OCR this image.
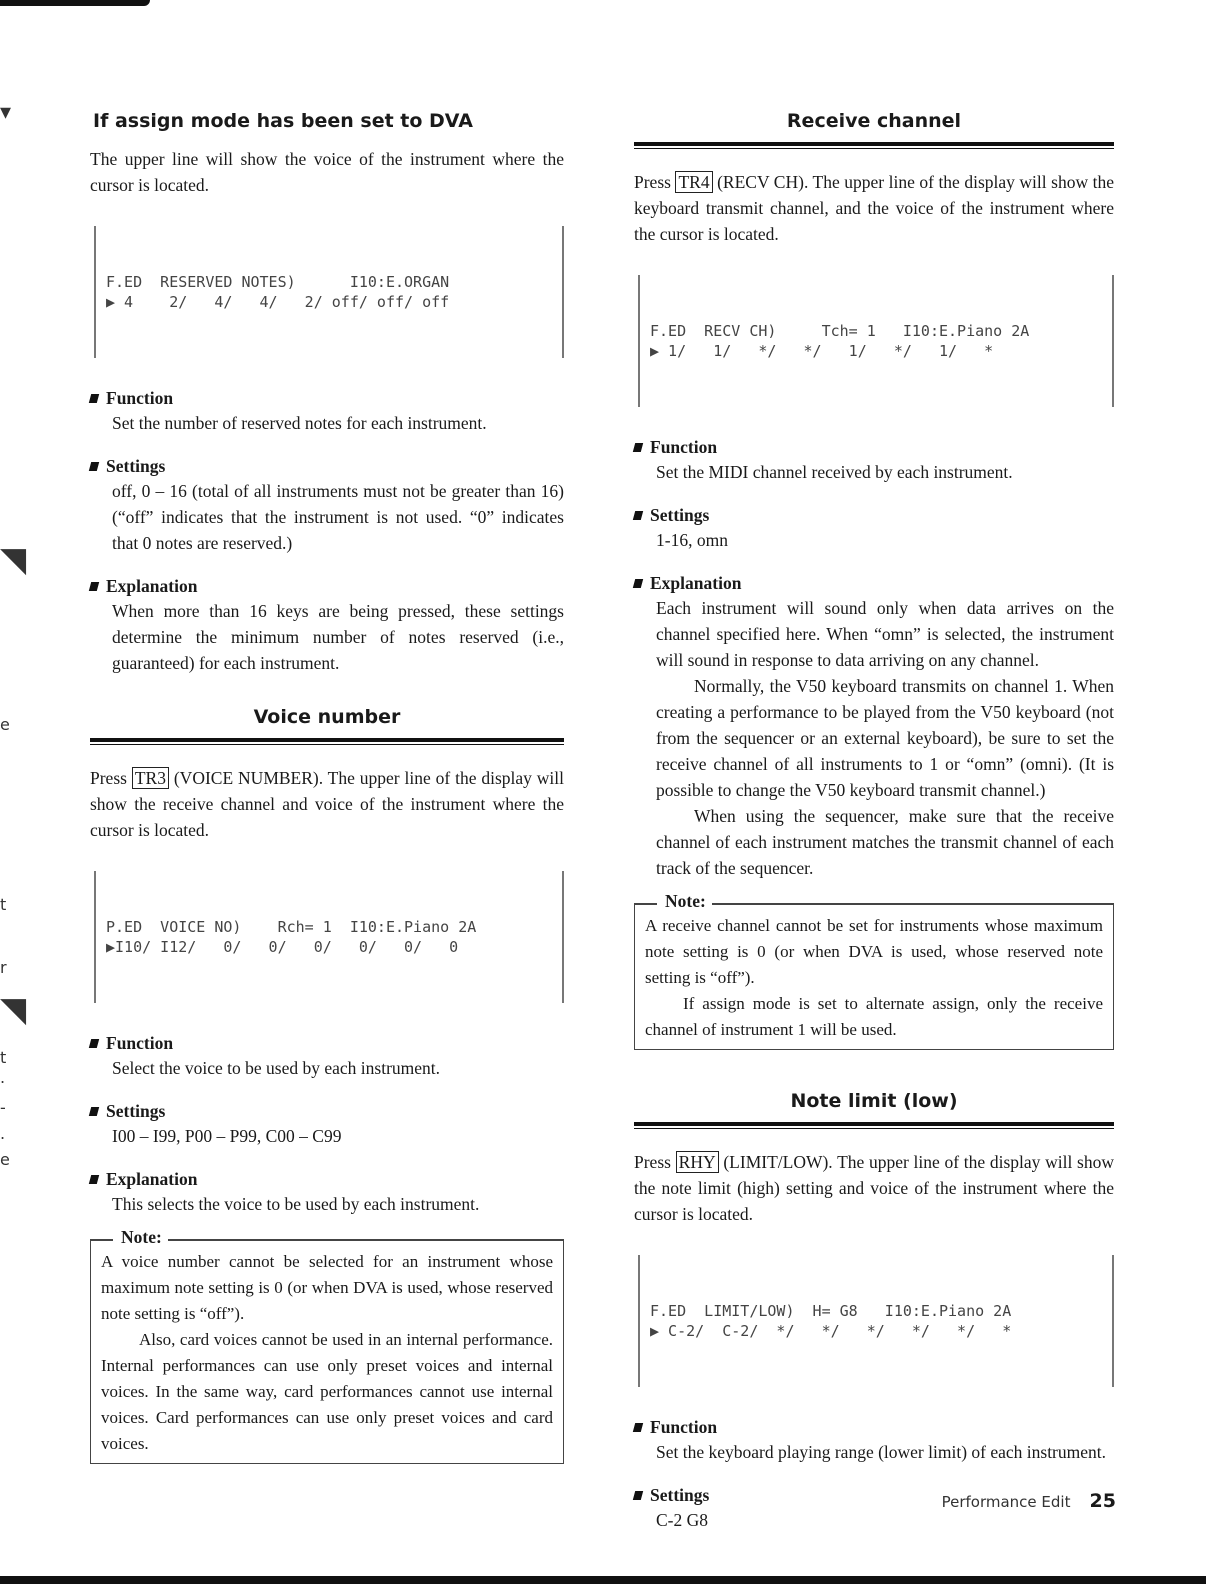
▾
◥
e
t
r
◥
t
.
-
.
e
If assign mode has been set to DVA

The upper line will show the voice of the instrument where the cursor is located.

F.ED  RESERVED NOTES)      I10:E.ORGAN
▶ 4    2/   4/   4/   2/ off/ off/ off

Function

Set the number of reserved notes for each instrument.

Settings

off, 0 – 16 (total of all instruments must not be greater than 16) (“off” indicates that the instrument is not used. “0” indicates that 0 notes are reserved.)

Explanation

When more than 16 keys are being pressed, these settings determine the minimum number of notes reserved (i.e., guaranteed) for each instrument.

Voice number

Press TR3 (VOICE NUMBER). The upper line of the display will show the receive channel and voice of the instrument where the cursor is located.

P.ED  VOICE NO)    Rch= 1  I10:E.Piano 2A
▶I10/ I12/   0/   0/   0/   0/   0/   0

Function

Select the voice to be used by each instrument.

Settings

I00 – I99, P00 – P99, C00 – C99

Explanation

This selects the voice to be used by each instrument.

Note:

A voice number cannot be selected for an instrument whose maximum note setting is 0 (or when DVA is used, whose reserved note setting is “off”).

Also, card voices cannot be used in an internal performance. Internal performances can use only preset voices and internal voices. In the same way, card performances cannot use internal voices. Card performances can use only preset voices and card voices.

Receive channel

Press TR4 (RECV CH). The upper line of the display will show the keyboard transmit channel, and the voice of the instrument where the cursor is located.

F.ED  RECV CH)     Tch= 1   I10:E.Piano 2A
▶ 1/   1/   */   */   1/   */   1/   *

Function

Set the MIDI channel received by each instrument.

Settings

1-16, omn

Explanation

Each instrument will sound only when data arrives on the channel specified here. When “omn” is selected, the instrument will sound in response to data arriving on any channel.

Normally, the V50 keyboard transmits on channel 1. When creating a performance to be played from the V50 keyboard (not from the sequencer or an external keyboard), be sure to set the receive channel of all instruments to 1 or “omn” (omni). (It is possible to change the V50 keyboard transmit channel.)

When using the sequencer, make sure that the receive channel of each instrument matches the transmit channel of each track of the sequencer.

Note:

A receive channel cannot be set for instruments whose maximum note setting is 0 (or when DVA is used, whose reserved note setting is “off”).

If assign mode is set to alternate assign, only the receive channel of instrument 1 will be used.

Note limit (low)

Press RHY (LIMIT/LOW). The upper line of the display will show the note limit (high) setting and voice of the instrument where the cursor is located.

F.ED  LIMIT/LOW)  H= G8   I10:E.Piano 2A
▶ C-2/  C-2/  */   */   */   */   */   *

Function

Set the keyboard playing range (lower limit) of each instrument.

Settings

C-2 G8

Performance Edit 25
